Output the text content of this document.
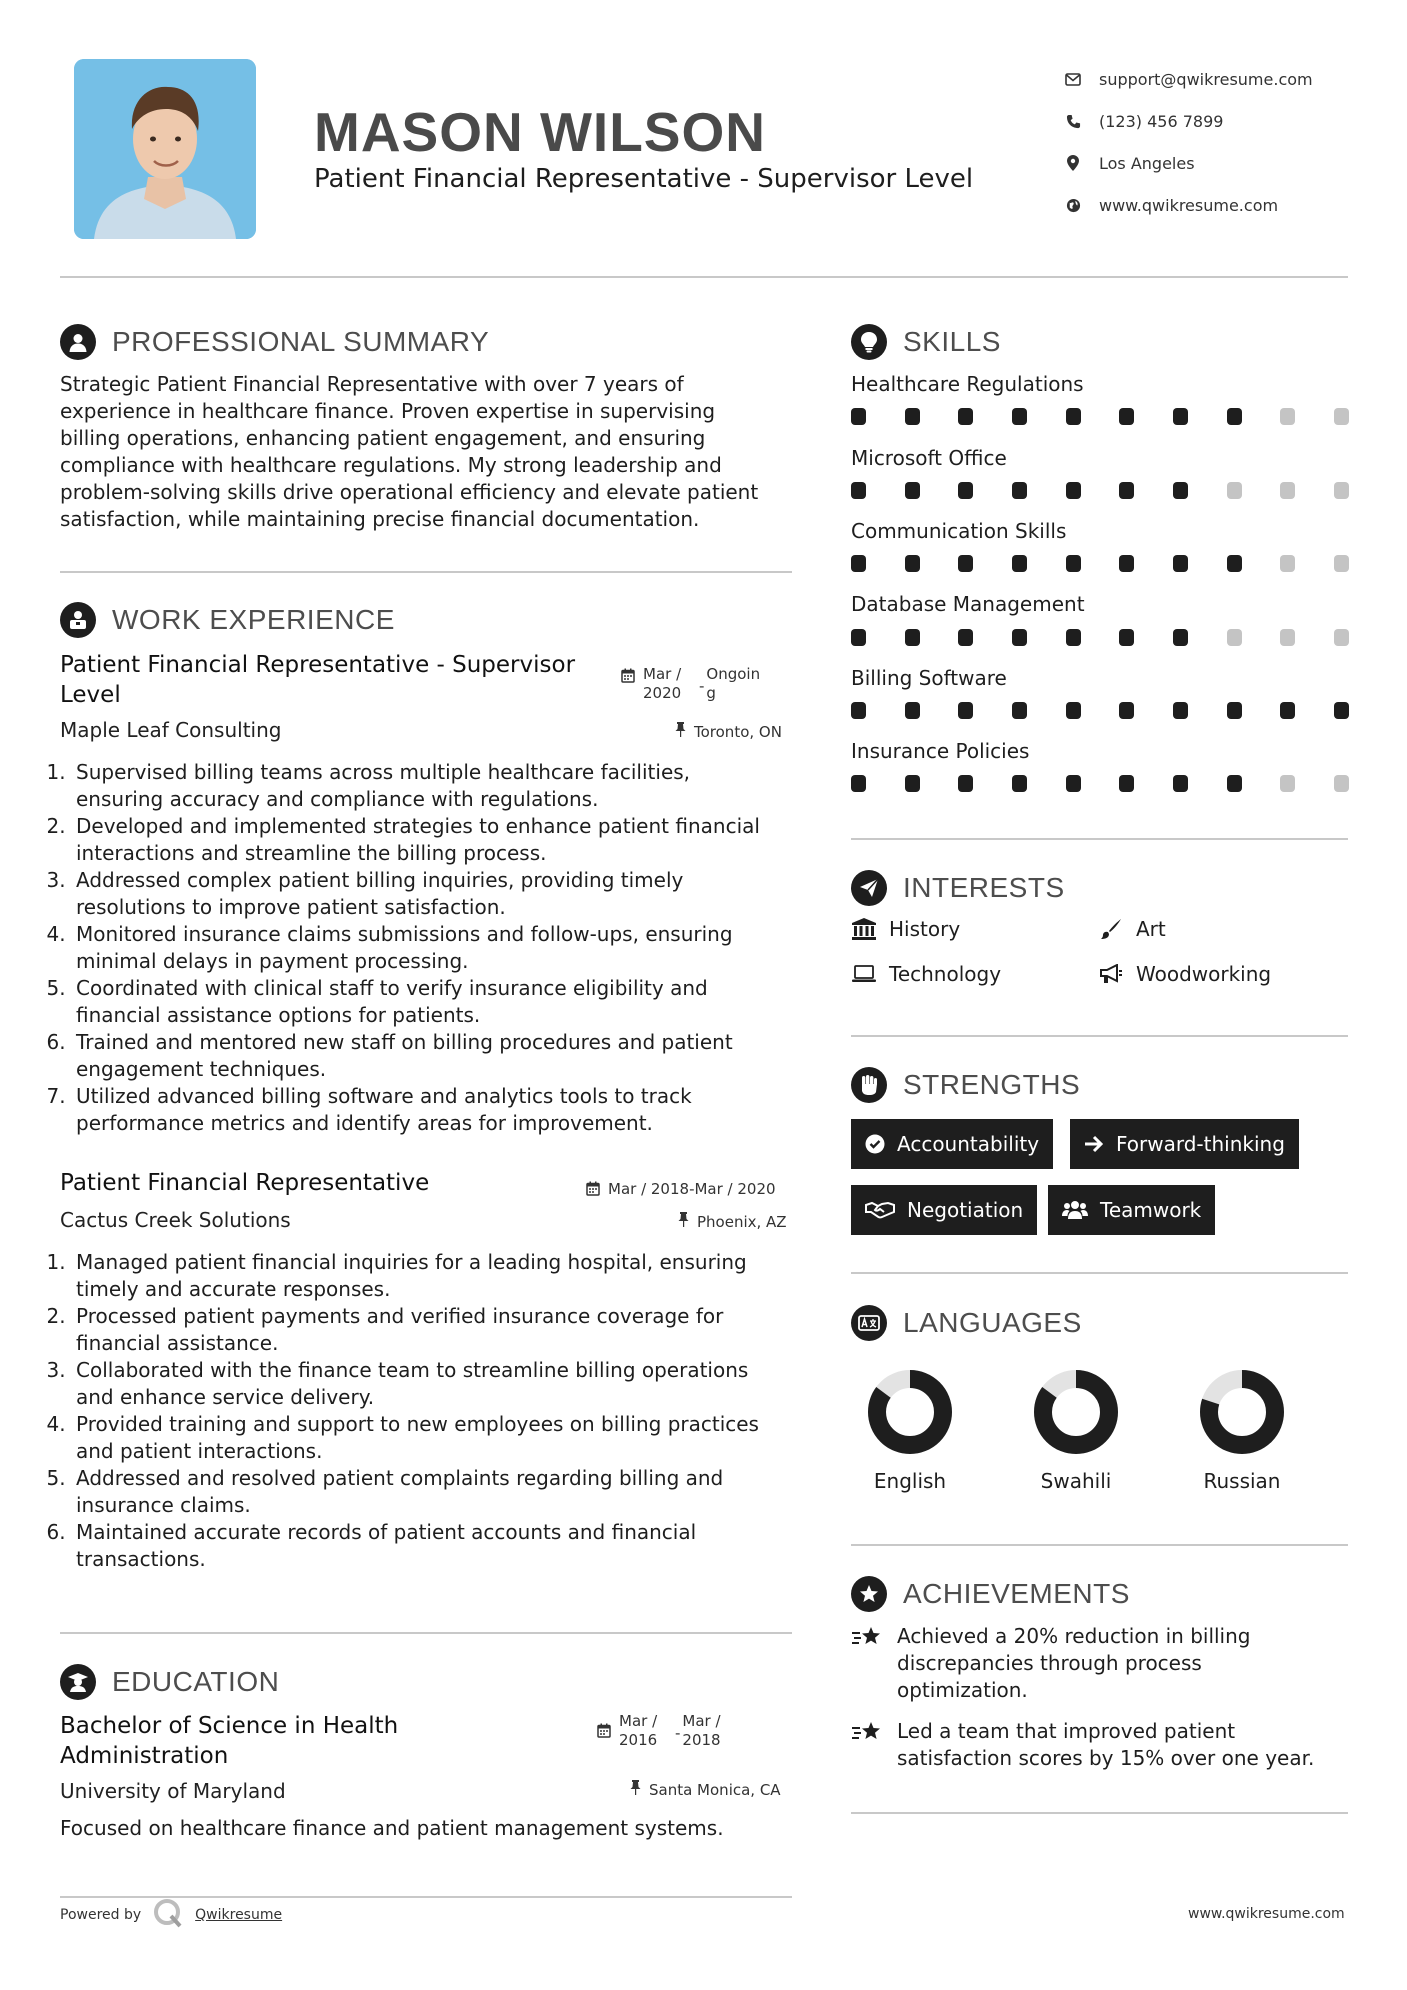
MASON WILSON
Patient Financial Representative - Supervisor Level
support@qwikresume.com
(123) 456 7899
Los Angeles
www.qwikresume.com
PROFESSIONAL SUMMARY
Strategic Patient Financial Representative with over 7 years of
experience in healthcare finance. Proven expertise in supervising
billing operations, enhancing patient engagement, and ensuring
compliance with healthcare regulations. My strong leadership and
problem-solving skills drive operational efficiency and elevate patient
satisfaction, while maintaining precise financial documentation.
WORK EXPERIENCE
Patient Financial Representative - Supervisor
Level
Mar /
2020	-
Ongoin
g
Maple Leaf Consulting	Toronto, ON
1. Supervised billing teams across multiple healthcare facilities,
ensuring accuracy and compliance with regulations.
2. Developed and implemented strategies to enhance patient financial
interactions and streamline the billing process.
3. Addressed complex patient billing inquiries, providing timely
resolutions to improve patient satisfaction.
4. Monitored insurance claims submissions and follow-ups, ensuring
minimal delays in payment processing.
5. Coordinated with clinical staff to verify insurance eligibility and
financial assistance options for patients.
6. Trained and mentored new staff on billing procedures and patient
engagement techniques.
7. Utilized advanced billing software and analytics tools to track
performance metrics and identify areas for improvement.
Patient Financial Representative	Mar / 2018-Mar / 2020
Cactus Creek Solutions	Phoenix, AZ
1. Managed patient financial inquiries for a leading hospital, ensuring
timely and accurate responses.
2. Processed patient payments and verified insurance coverage for
financial assistance.
3. Collaborated with the finance team to streamline billing operations
and enhance service delivery.
4. Provided training and support to new employees on billing practices
and patient interactions.
5. Addressed and resolved patient complaints regarding billing and
insurance claims.
6. Maintained accurate records of patient accounts and financial
transactions.
EDUCATION
Bachelor of Science in Health
Administration
Mar /
2016	-
Mar /
2018
University of Maryland	Santa Monica, CA
Focused on healthcare finance and patient management systems.
SKILLS
Healthcare Regulations
Microsoft Office
Communication Skills
Database Management
Billing Software
Insurance Policies
INTERESTS
History	Art
Technology	Woodworking
STRENGTHS
Accountability	Forward-thinking
Negotiation	Teamwork
LANGUAGES
English	Swahili	Russian
ACHIEVEMENTS
Achieved a 20% reduction in billing
discrepancies through process
optimization.
Led a team that improved patient
satisfaction scores by 15% over one year.
Powered by	Qwikresume	www.qwikresume.com
